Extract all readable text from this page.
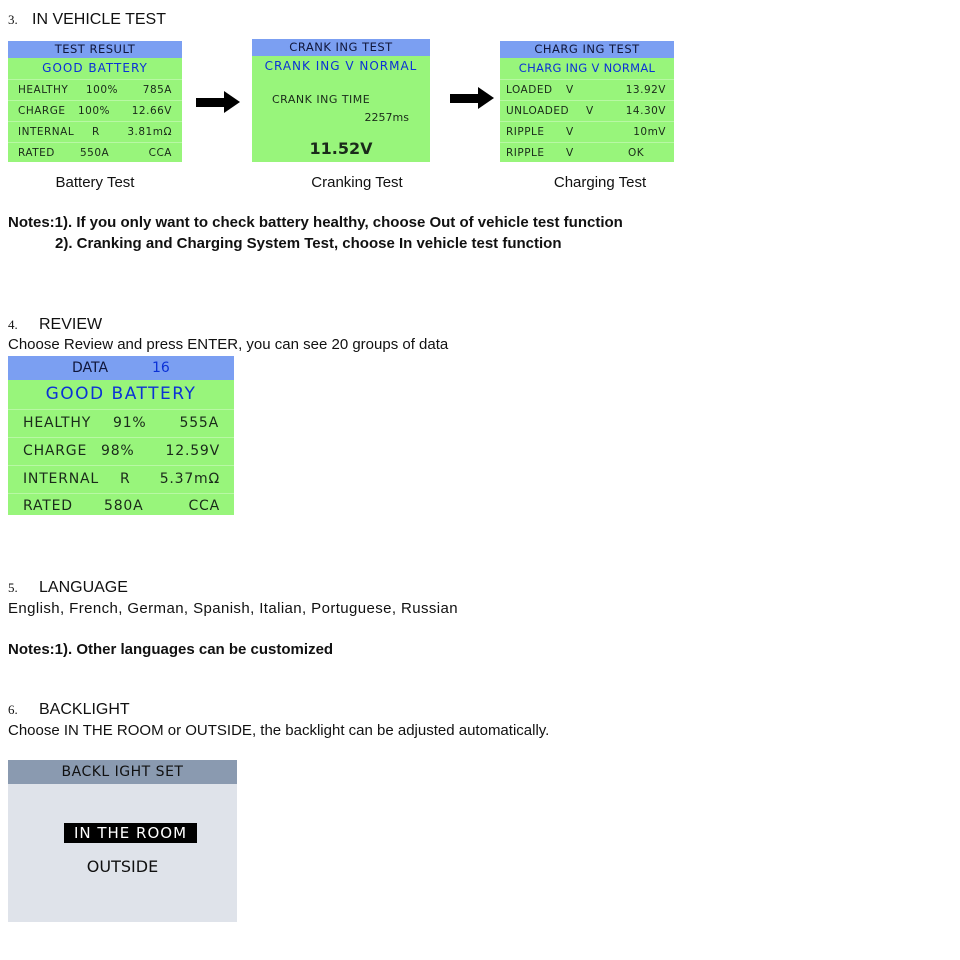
3. IN VEHICLE TEST
TEST RESULT
GOOD BATTERY
HEALTHY 100% 785A
CHARGE 100% 12.66V
INTERNAL R	3.81mΩ
RATED 550A	CCA
CRANK ING TEST
CRANK ING V NORMAL
CRANK ING TIME
2257ms
11.52V
CHARG ING TEST
CHARG ING V NORMAL
LOADED V	13.92V
UNLOADED V	14.30V
RIPPLE V	10mV
RIPPLE V	OK
Battery Test	Cranking Test	Charging Test
Notes:1). If you only want to check battery healthy, choose Out of vehicle test function
2). Cranking and Charging System Test, choose In vehicle test function
4. REVIEW
Choose Review and press ENTER, you can see 20 groups of data
DATA	16
GOOD BATTERY
HEALTHY 91% 555A
CHARGE 98% 12.59V
INTERNAL R 5.37mΩ
RATED 580A	CCA
5. LANGUAGE
English, French, German, Spanish, Italian, Portuguese, Russian
Notes:1). Other languages can be customized
6. BACKLIGHT
Choose IN THE ROOM or OUTSIDE, the backlight can be adjusted automatically.
BACKL IGHT SET
IN THE ROOM
OUTSIDE
